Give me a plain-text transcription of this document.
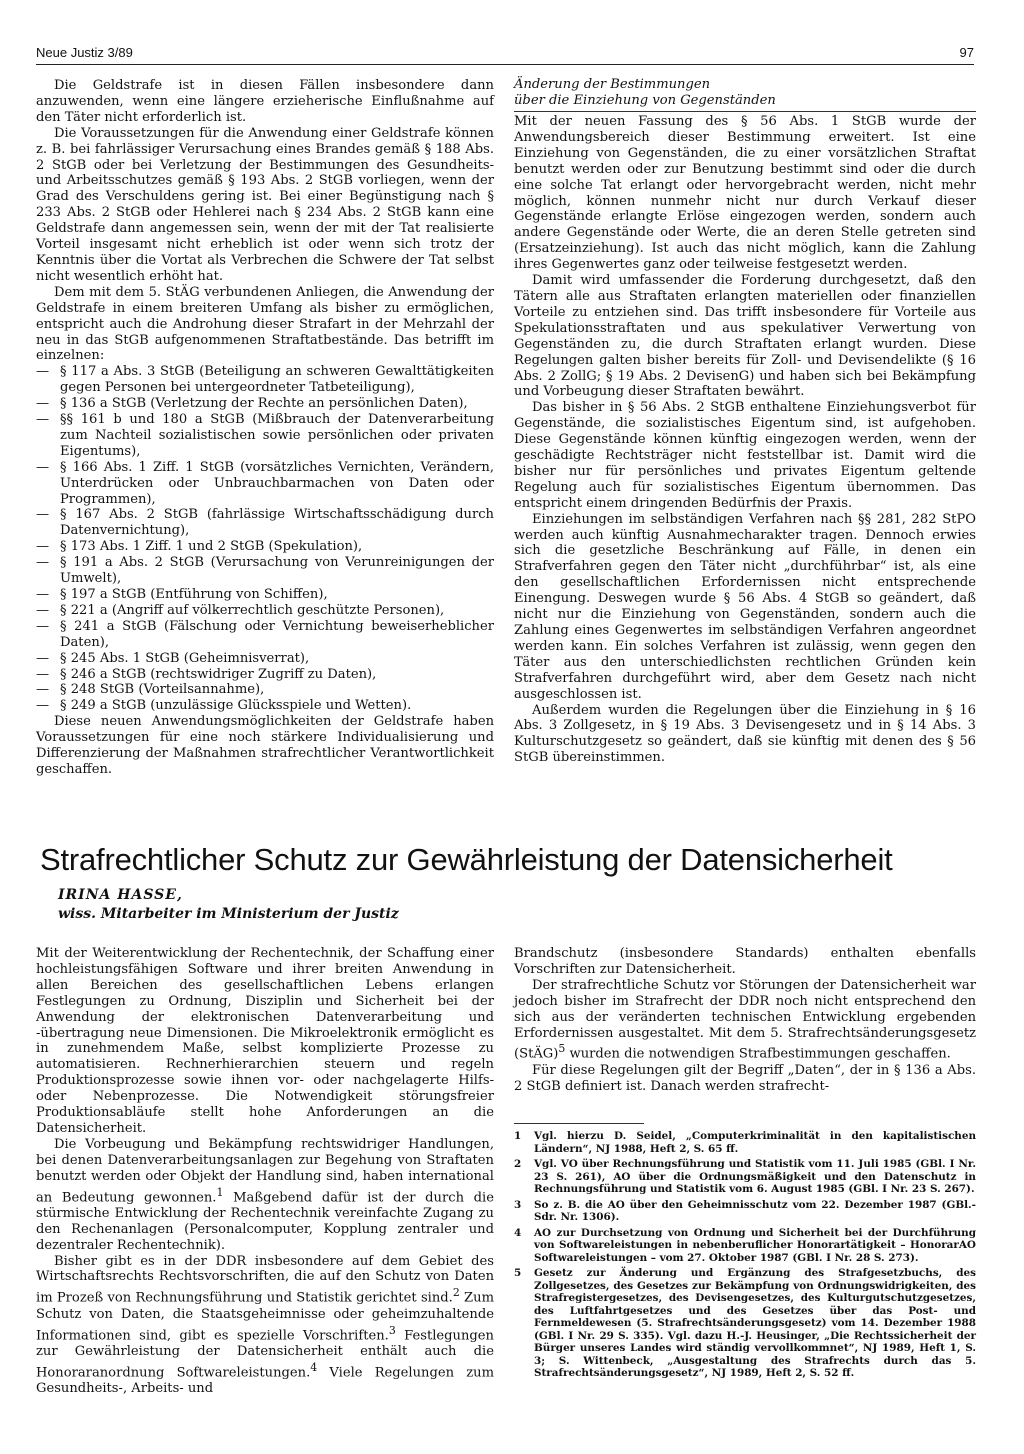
Neue Justiz 3/89	97

Die Geldstrafe ist in diesen Fällen insbesondere dann anzuwenden, wenn eine längere erzieherische Einflußnahme auf den Täter nicht erforderlich ist.

Die Voraussetzungen für die Anwendung einer Geldstrafe können z. B. bei fahrlässiger Verursachung eines Brandes gemäß § 188 Abs. 2 StGB oder bei Verletzung der Bestimmungen des Gesundheits- und Arbeitsschutzes gemäß § 193 Abs. 2 StGB vorliegen, wenn der Grad des Verschuldens gering ist. Bei einer Begünstigung nach § 233 Abs. 2 StGB oder Hehlerei nach § 234 Abs. 2 StGB kann eine Geldstrafe dann angemessen sein, wenn der mit der Tat realisierte Vorteil insgesamt nicht erheblich ist oder wenn sich trotz der Kenntnis über die Vortat als Verbrechen die Schwere der Tat selbst nicht wesentlich erhöht hat.

Dem mit dem 5. StÄG verbundenen Anliegen, die Anwendung der Geldstrafe in einem breiteren Umfang als bisher zu ermöglichen, entspricht auch die Androhung dieser Strafart in der Mehrzahl der neu in das StGB aufgenommenen Straftatbestände. Das betrifft im einzelnen:

— § 117 a Abs. 3 StGB (Beteiligung an schweren Gewalttätigkeiten gegen Personen bei untergeordneter Tatbeteiligung),
— § 136 a StGB (Verletzung der Rechte an persönlichen Daten),
— §§ 161 b und 180 a StGB (Mißbrauch der Datenverarbeitung zum Nachteil sozialistischen sowie persönlichen oder privaten Eigentums),
— § 166 Abs. 1 Ziff. 1 StGB (vorsätzliches Vernichten, Verändern, Unterdrücken oder Unbrauchbarmachen von Daten oder Programmen),
— § 167 Abs. 2 StGB (fahrlässige Wirtschaftsschädigung durch Datenvernichtung),
— § 173 Abs. 1 Ziff. 1 und 2 StGB (Spekulation),
— § 191 a Abs. 2 StGB (Verursachung von Verunreinigungen der Umwelt),
— § 197 a StGB (Entführung von Schiffen),
— § 221 a (Angriff auf völkerrechtlich geschützte Personen),
— § 241 a StGB (Fälschung oder Vernichtung beweiserheblicher Daten),
— § 245 Abs. 1 StGB (Geheimnisverrat),
— § 246 a StGB (rechtswidriger Zugriff zu Daten),
— § 248 StGB (Vorteilsannahme),
— § 249 a StGB (unzulässige Glücksspiele und Wetten).

Diese neuen Anwendungsmöglichkeiten der Geldstrafe haben Voraussetzungen für eine noch stärkere Individualisierung und Differenzierung der Maßnahmen strafrechtlicher Verantwortlichkeit geschaffen.

Änderung der Bestimmungen
über die Einziehung von Gegenständen

Mit der neuen Fassung des § 56 Abs. 1 StGB wurde der Anwendungsbereich dieser Bestimmung erweitert. Ist eine Einziehung von Gegenständen, die zu einer vorsätzlichen Straftat benutzt werden oder zur Benutzung bestimmt sind oder die durch eine solche Tat erlangt oder hervorgebracht werden, nicht mehr möglich, können nunmehr nicht nur durch Verkauf dieser Gegenstände erlangte Erlöse eingezogen werden, sondern auch andere Gegenstände oder Werte, die an deren Stelle getreten sind (Ersatzeinziehung). Ist auch das nicht möglich, kann die Zahlung ihres Gegenwertes ganz oder teilweise festgesetzt werden.

Damit wird umfassender die Forderung durchgesetzt, daß den Tätern alle aus Straftaten erlangten materiellen oder finanziellen Vorteile zu entziehen sind. Das trifft insbesondere für Vorteile aus Spekulationsstraftaten und aus spekulativer Verwertung von Gegenständen zu, die durch Straftaten erlangt wurden. Diese Regelungen galten bisher bereits für Zoll- und Devisendelikte (§ 16 Abs. 2 ZollG; § 19 Abs. 2 DevisenG) und haben sich bei Bekämpfung und Vorbeugung dieser Straftaten bewährt.

Das bisher in § 56 Abs. 2 StGB enthaltene Einziehungsverbot für Gegenstände, die sozialistisches Eigentum sind, ist aufgehoben. Diese Gegenstände können künftig eingezogen werden, wenn der geschädigte Rechtsträger nicht feststellbar ist. Damit wird die bisher nur für persönliches und privates Eigentum geltende Regelung auch für sozialistisches Eigentum übernommen. Das entspricht einem dringenden Bedürfnis der Praxis.

Einziehungen im selbständigen Verfahren nach §§ 281, 282 StPO werden auch künftig Ausnahmecharakter tragen. Dennoch erwies sich die gesetzliche Beschränkung auf Fälle, in denen ein Strafverfahren gegen den Täter nicht „durchführbar“ ist, als eine den gesellschaftlichen Erfordernissen nicht entsprechende Einengung. Deswegen wurde § 56 Abs. 4 StGB so geändert, daß nicht nur die Einziehung von Gegenständen, sondern auch die Zahlung eines Gegenwertes im selbständigen Verfahren angeordnet werden kann. Ein solches Verfahren ist zulässig, wenn gegen den Täter aus den unterschiedlichsten rechtlichen Gründen kein Strafverfahren durchgeführt wird, aber dem Gesetz nach nicht ausgeschlossen ist.

Außerdem wurden die Regelungen über die Einziehung in § 16 Abs. 3 Zollgesetz, in § 19 Abs. 3 Devisengesetz und in § 14 Abs. 3 Kulturschutzgesetz so geändert, daß sie künftig mit denen des § 56 StGB übereinstimmen.

Strafrechtlicher Schutz zur Gewährleistung der Datensicherheit
IRINA HASSE,
wiss. Mitarbeiter im Ministerium der Justiz

Mit der Weiterentwicklung der Rechentechnik, der Schaffung einer hochleistungsfähigen Software und ihrer breiten Anwendung in allen Bereichen des gesellschaftlichen Lebens erlangen Festlegungen zu Ordnung, Disziplin und Sicherheit bei der Anwendung der elektronischen Datenverarbeitung und -übertragung neue Dimensionen. Die Mikroelektronik ermöglicht es in zunehmendem Maße, selbst komplizierte Prozesse zu automatisieren. Rechnerhierarchien steuern und regeln Produktionsprozesse sowie ihnen vor- oder nachgelagerte Hilfs- oder Nebenprozesse. Die Notwendigkeit störungsfreier Produktionsabläufe stellt hohe Anforderungen an die Datensicherheit.

Die Vorbeugung und Bekämpfung rechtswidriger Handlungen, bei denen Datenverarbeitungsanlagen zur Begehung von Straftaten benutzt werden oder Objekt der Handlung sind, haben international an Bedeutung gewonnen.$^1$ Maßgebend dafür ist der durch die stürmische Entwicklung der Rechentechnik vereinfachte Zugang zu den Rechenanlagen (Personalcomputer, Kopplung zentraler und dezentraler Rechentechnik).

Bisher gibt es in der DDR insbesondere auf dem Gebiet des Wirtschaftsrechts Rechtsvorschriften, die auf den Schutz von Daten im Prozeß von Rechnungsführung und Statistik gerichtet sind.$^2$ Zum Schutz von Daten, die Staatsgeheimnisse oder geheimzuhaltende Informationen sind, gibt es spezielle Vorschriften.$^3$ Festlegungen zur Gewährleistung der Datensicherheit enthält auch die Honoraranordnung Softwareleistungen.$^4$ Viele Regelungen zum Gesundheits-, Arbeits- und

Brandschutz (insbesondere Standards) enthalten ebenfalls Vorschriften zur Datensicherheit.

Der strafrechtliche Schutz vor Störungen der Datensicherheit war jedoch bisher im Strafrecht der DDR noch nicht entsprechend den sich aus der veränderten technischen Entwicklung ergebenden Erfordernissen ausgestaltet. Mit dem 5. Strafrechtsänderungsgesetz (StÄG)$^5$ wurden die notwendigen Strafbestimmungen geschaffen.

Für diese Regelungen gilt der Begriff „Daten“, der in § 136 a Abs. 2 StGB definiert ist. Danach werden strafrecht-

1 Vgl. hierzu D. Seidel, „Computerkriminalität in den kapitalistischen Ländern“, NJ 1988, Heft 2, S. 65 ff.
2 Vgl. VO über Rechnungsführung und Statistik vom 11. Juli 1985 (GBl. I Nr. 23 S. 261), AO über die Ordnungsmäßigkeit und den Datenschutz in Rechnungsführung und Statistik vom 6. August 1985 (GBl. I Nr. 23 S. 267).
3 So z. B. die AO über den Geheimnisschutz vom 22. Dezember 1987 (GBl.-Sdr. Nr. 1306).
4 AO zur Durchsetzung von Ordnung und Sicherheit bei der Durchführung von Softwareleistungen in nebenberuflicher Honorartätigkeit – HonorarAO Softwareleistungen – vom 27. Oktober 1987 (GBl. I Nr. 28 S. 273).
5 Gesetz zur Änderung und Ergänzung des Strafgesetzbuchs, des Zollgesetzes, des Gesetzes zur Bekämpfung von Ordnungswidrigkeiten, des Strafregistergesetzes, des Devisengesetzes, des Kulturgutschutzgesetzes, des Luftfahrtgesetzes und des Gesetzes über das Post- und Fernmeldewesen (5. Strafrechtsänderungsgesetz) vom 14. Dezember 1988 (GBl. I Nr. 29 S. 335). Vgl. dazu H.-J. Heusinger, „Die Rechtssicherheit der Bürger unseres Landes wird ständig vervollkommnet“, NJ 1989, Heft 1, S. 3; S. Wittenbeck, „Ausgestaltung des Strafrechts durch das 5. Strafrechtsänderungsgesetz“, NJ 1989, Heft 2, S. 52 ff.
